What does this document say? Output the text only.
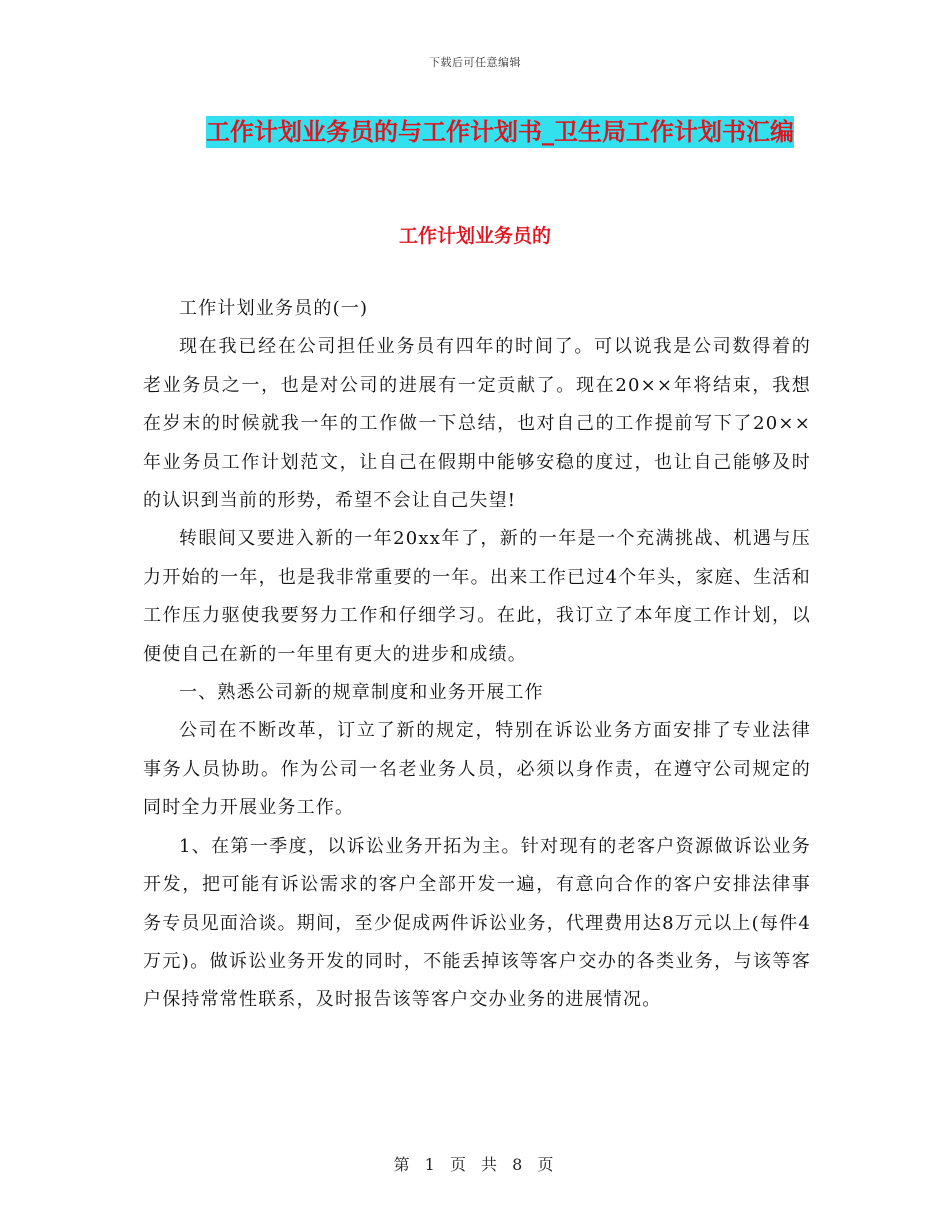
下载后可任意编辑
工作计划业务员的与工作计划书_卫生局工作计划书汇编
工作计划业务员的

工作计划业务员的(一)

现在我已经在公司担任业务员有四年的时间了。可以说我是公司数得着的老业务员之一，也是对公司的进展有一定贡献了。现在20××年将结束，我想在岁末的时候就我一年的工作做一下总结，也对自己的工作提前写下了20××年业务员工作计划范文，让自己在假期中能够安稳的度过，也让自己能够及时的认识到当前的形势，希望不会让自己失望!

转眼间又要进入新的一年20xx年了，新的一年是一个充满挑战、机遇与压力开始的一年，也是我非常重要的一年。出来工作已过4个年头，家庭、生活和工作压力驱使我要努力工作和仔细学习。在此，我订立了本年度工作计划，以便使自己在新的一年里有更大的进步和成绩。

一、熟悉公司新的规章制度和业务开展工作

公司在不断改革，订立了新的规定，特别在诉讼业务方面安排了专业法律事务人员协助。作为公司一名老业务人员，必须以身作责，在遵守公司规定的同时全力开展业务工作。

1、在第一季度，以诉讼业务开拓为主。针对现有的老客户资源做诉讼业务开发，把可能有诉讼需求的客户全部开发一遍，有意向合作的客户安排法律事务专员见面洽谈。期间，至少促成两件诉讼业务，代理费用达8万元以上(每件4万元)。做诉讼业务开发的同时，不能丢掉该等客户交办的各类业务，与该等客户保持常常性联系，及时报告该等客户交办业务的进展情况。

第 1 页 共 8 页
